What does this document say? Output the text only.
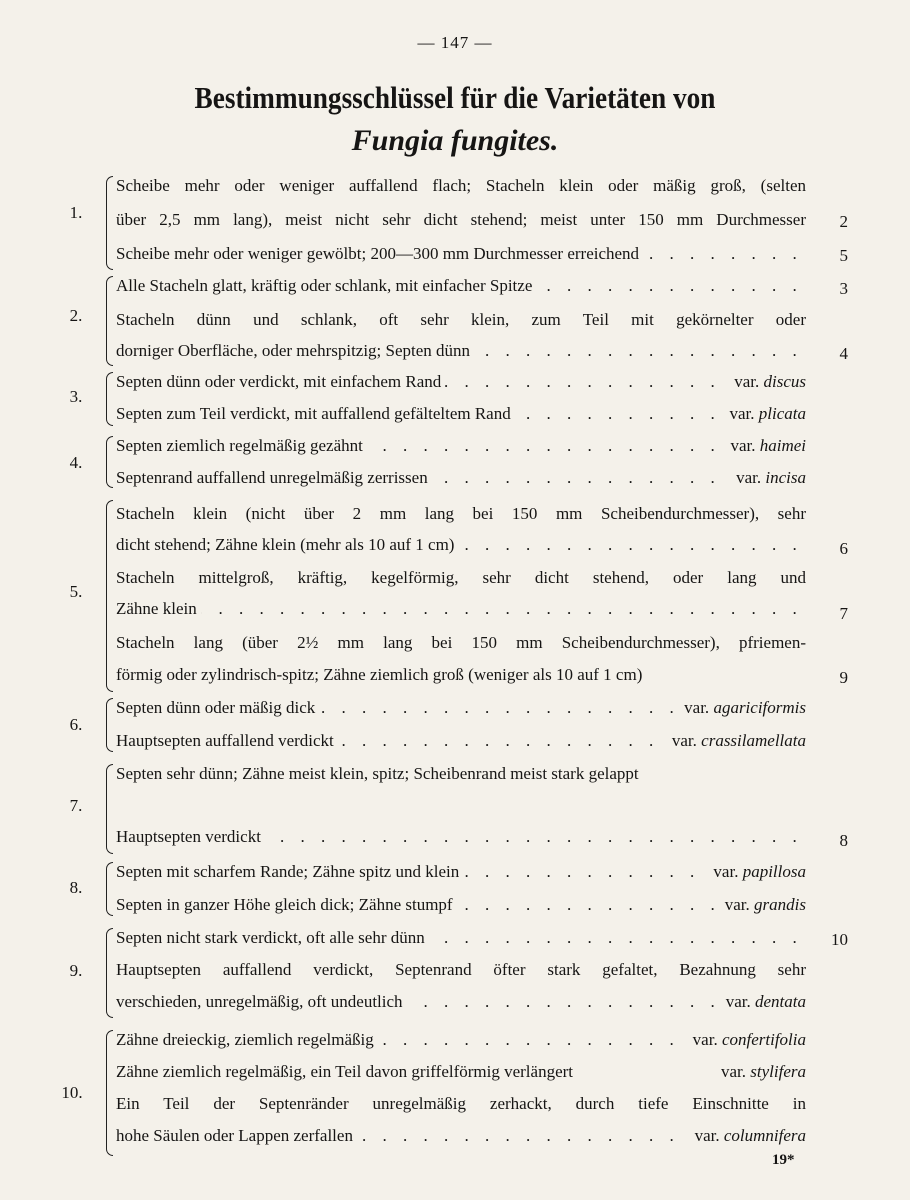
— 147 —
Bestimmungsschlüssel für die Varietäten von
Fungia fungites.
1.
Scheibe mehr oder weniger auffallend flach; Stacheln klein oder mäßig groß, (selten
über 2,5 mm lang), meist nicht sehr dicht stehend; meist unter 150 mm Durchmesser	2
Scheibe mehr oder weniger gewölbt; 200—300 mm Durchmesser erreichend . . .	5
2.
Alle Stacheln glatt, kräftig oder schlank, mit einfacher Spitze . . .	3
Stacheln dünn und schlank, oft sehr klein, zum Teil mit gekörnelter oder
dorniger Oberfläche, oder mehrspitzig; Septen dünn . . .	4
3.
Septen dünn oder verdickt, mit einfachem Rand	var. discus
. . .
Septen zum Teil verdickt, mit auffallend gefälteltem Rand	var. plicata
. . .
4.
Septen ziemlich regelmäßig gezähnt	var. haimei
. . .
Septenrand auffallend unregelmäßig zerrissen	var. incisa
. . .
5.
Stacheln klein (nicht über 2 mm lang bei 150 mm Scheibendurchmesser), sehr
dicht stehend; Zähne klein (mehr als 10 auf 1 cm) . . .	6
Stacheln mittelgroß, kräftig, kegelförmig, sehr dicht stehend, oder lang und
Zähne klein . . .	7
Stacheln lang (über 2½ mm lang bei 150 mm Scheibendurchmesser), pfriemen-
förmig oder zylindrisch-spitz; Zähne ziemlich groß (weniger als 10 auf 1 cm)	9
6.
Septen dünn oder mäßig dick	var. agariciformis
. . .
Hauptsepten auffallend verdickt	var. crassilamellata
. . .
7.
Septen sehr dünn; Zähne meist klein, spitz; Scheibenrand meist stark gelappt
Hauptsepten verdickt . . .	8
8.
Septen mit scharfem Rande; Zähne spitz und klein	var. papillosa
. . .
Septen in ganzer Höhe gleich dick; Zähne stumpf	var. grandis
. . .
9.
Septen nicht stark verdickt, oft alle sehr dünn . . .	10
Hauptsepten auffallend verdickt, Septenrand öfter stark gefaltet, Bezahnung sehr
verschieden, unregelmäßig, oft undeutlich	var. dentata
. . .
10.
Zähne dreieckig, ziemlich regelmäßig	var. confertifolia
. . .
Zähne ziemlich regelmäßig, ein Teil davon griffelförmig verlängert	var. stylifera
Ein Teil der Septenränder unregelmäßig zerhackt, durch tiefe Einschnitte in
hohe Säulen oder Lappen zerfallen	var. columnifera
. . .
19*
